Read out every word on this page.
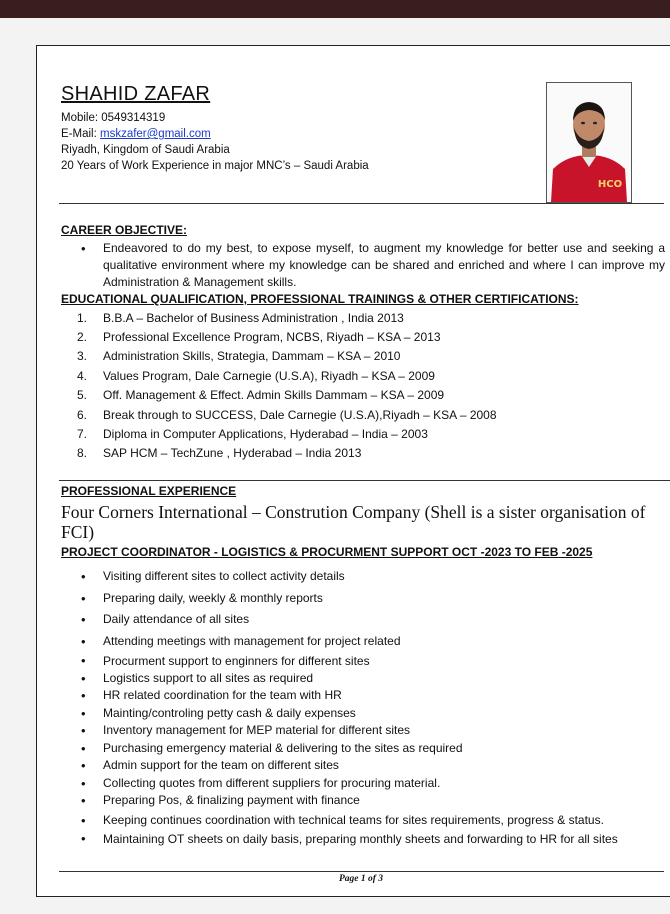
SHAHID ZAFAR
Mobile: 0549314319
E-Mail: mskzafer@gmail.com
Riyadh, Kingdom of Saudi Arabia
20 Years of Work Experience in major MNC’s – Saudi Arabia
HCO
CAREER OBJECTIVE:
• Endeavored to do my best, to expose myself, to augment my knowledge for better use and seeking a qualitative environment where my knowledge can be shared and enriched and where I can improve my Administration & Management skills.
EDUCATIONAL QUALIFICATION, PROFESSIONAL TRAININGS & OTHER CERTIFICATIONS:
1.	B.B.A – Bachelor of Business Administration , India 2013
2.	Professional Excellence Program, NCBS, Riyadh – KSA – 2013
3.	Administration Skills, Strategia, Dammam – KSA – 2010
4.	Values Program, Dale Carnegie (U.S.A), Riyadh – KSA – 2009
5.	Off. Management & Effect. Admin Skills Dammam – KSA – 2009
6.	Break through to SUCCESS, Dale Carnegie (U.S.A),Riyadh – KSA – 2008
7.	Diploma in Computer Applications, Hyderabad – India – 2003
8.	SAP HCM – TechZune , Hyderabad – India 2013
PROFESSIONAL EXPERIENCE
Four Corners International – Constrution Company (Shell is a sister organisation of FCI)
PROJECT COORDINATOR - LOGISTICS & PROCURMENT SUPPORT OCT -2023 TO FEB -2025
• Visiting different sites to collect activity details
• Preparing daily, weekly & monthly reports
• Daily attendance of all sites
• Attending meetings with management for project related
• Procurment support to enginners for different sites
• Logistics support to all sites as required
• HR related coordination for the team with HR
• Mainting/controling petty cash & daily expenses
• Inventory management for MEP material for different sites
• Purchasing emergency material & delivering to the sites as required
• Admin support for the team on different sites
• Collecting quotes from different suppliers for procuring material.
• Preparing Pos, & finalizing payment with finance
• Keeping continues coordination with technical teams for sites requirements, progress & status.
• Maintaining OT sheets on daily basis, preparing monthly sheets and forwarding to HR for all sites
Page 1 of 3
